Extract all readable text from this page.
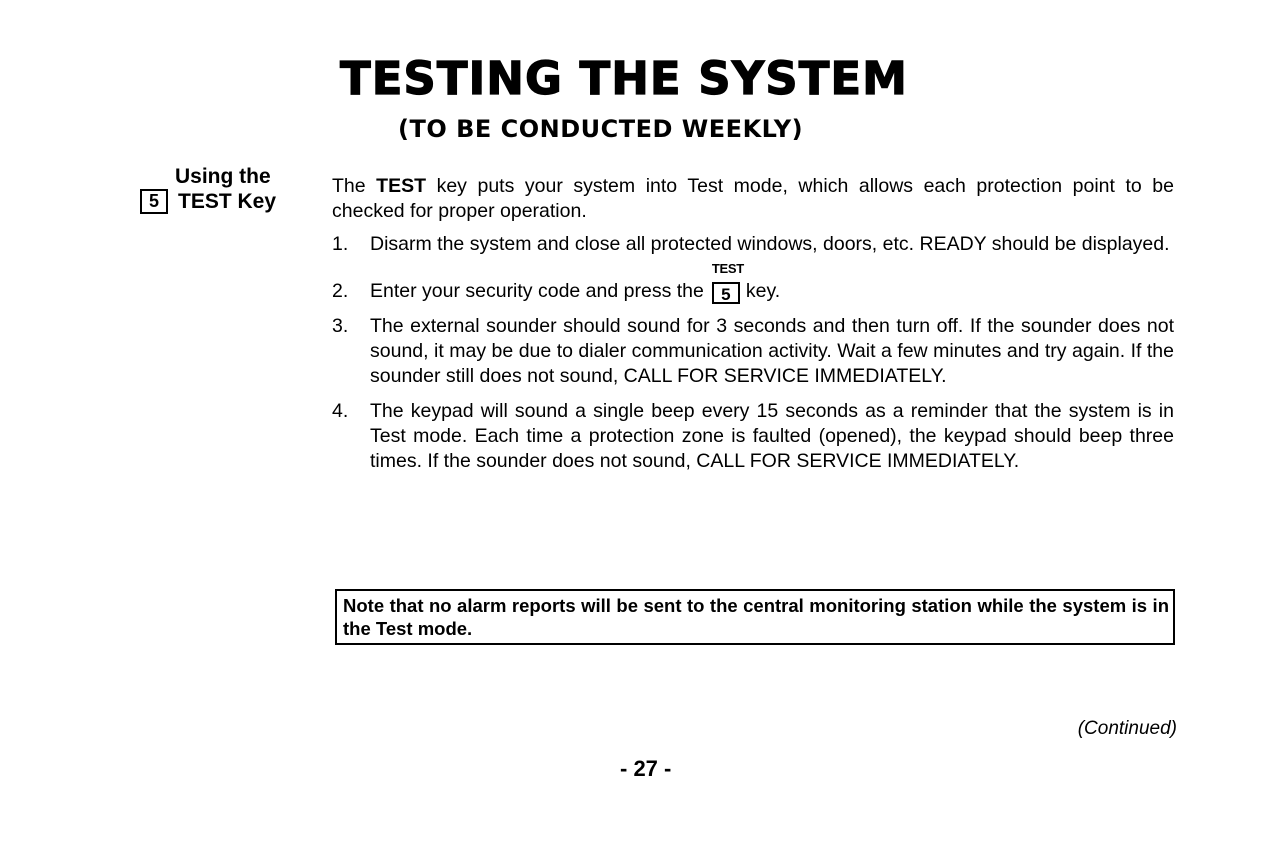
TESTING THE SYSTEM
(TO BE CONDUCTED WEEKLY)
Using the
5 TEST Key

The TEST key puts your system into Test mode, which allows each protection point to be checked for proper operation.

1.	Disarm the system and close all protected windows, doors, etc. READY should be displayed.
2.	Enter your security code and press the
TEST
5 key.
3.	The external sounder should sound for 3 seconds and then turn off. If the sounder does not sound, it may be due to dialer communication activity. Wait a few minutes and try again. If the sounder still does not sound, CALL FOR SERVICE IMMEDIATELY.
4.	The keypad will sound a single beep every 15 seconds as a reminder that the system is in Test mode. Each time a protection zone is faulted (opened), the keypad should beep three times. If the sounder does not sound, CALL FOR SERVICE IMMEDIATELY.
Note that no alarm reports will be sent to the central monitoring station while the system is in the Test mode.
(Continued)
- 27 -
